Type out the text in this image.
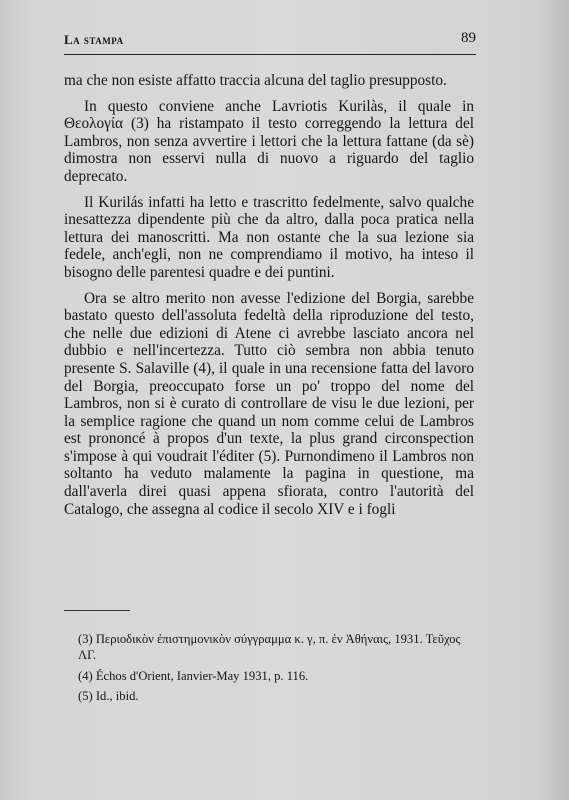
La stampa	89

ma che non esiste affatto traccia alcuna del taglio presupposto.

In questo conviene anche Lavriotis Kurilàs, il quale in Θεολογία (3) ha ristampato il testo correggendo la lettura del Lambros, non senza avvertire i lettori che la lettura fattane (da sè) dimostra non esservi nulla di nuovo a riguardo del taglio deprecato.

Il Kurilás infatti ha letto e trascritto fedelmente, salvo qualche inesattezza dipendente più che da altro, dalla poca pratica nella lettura dei manoscritti. Ma non ostante che la sua lezione sia fedele, anch'egli, non ne comprendiamo il motivo, ha inteso il bisogno delle parentesi quadre e dei puntini.

Ora se altro merito non avesse l'edizione del Borgia, sarebbe bastato questo dell'assoluta fedeltà della riproduzione del testo, che nelle due edizioni di Atene ci avrebbe lasciato ancora nel dubbio e nell'incertezza. Tutto ciò sembra non abbia tenuto presente S. Salaville (4), il quale in una recensione fatta del lavoro del Borgia, preoccupato forse un po' troppo del nome del Lambros, non si è curato di controllare de visu le due lezioni, per la semplice ragione che quand un nom comme celui de Lambros est prononcé à propos d'un texte, la plus grand circonspection s'impose à qui voudrait l'éditer (5). Purnondimeno il Lambros non soltanto ha veduto malamente la pagina in questione, ma dall'averla direi quasi appena sfiorata, contro l'autorità del Catalogo, che assegna al codice il secolo XIV e i fogli

(3) Περιοδικὸν ἐπιστημονικὸν σύγγραμμα κ. γ, π. ἐν Ἀθήναις, 1931. Τεῦχος ΛΓ.

(4) Échos d'Orient, Ianvier-May 1931, p. 116.

(5) Id., ibid.
